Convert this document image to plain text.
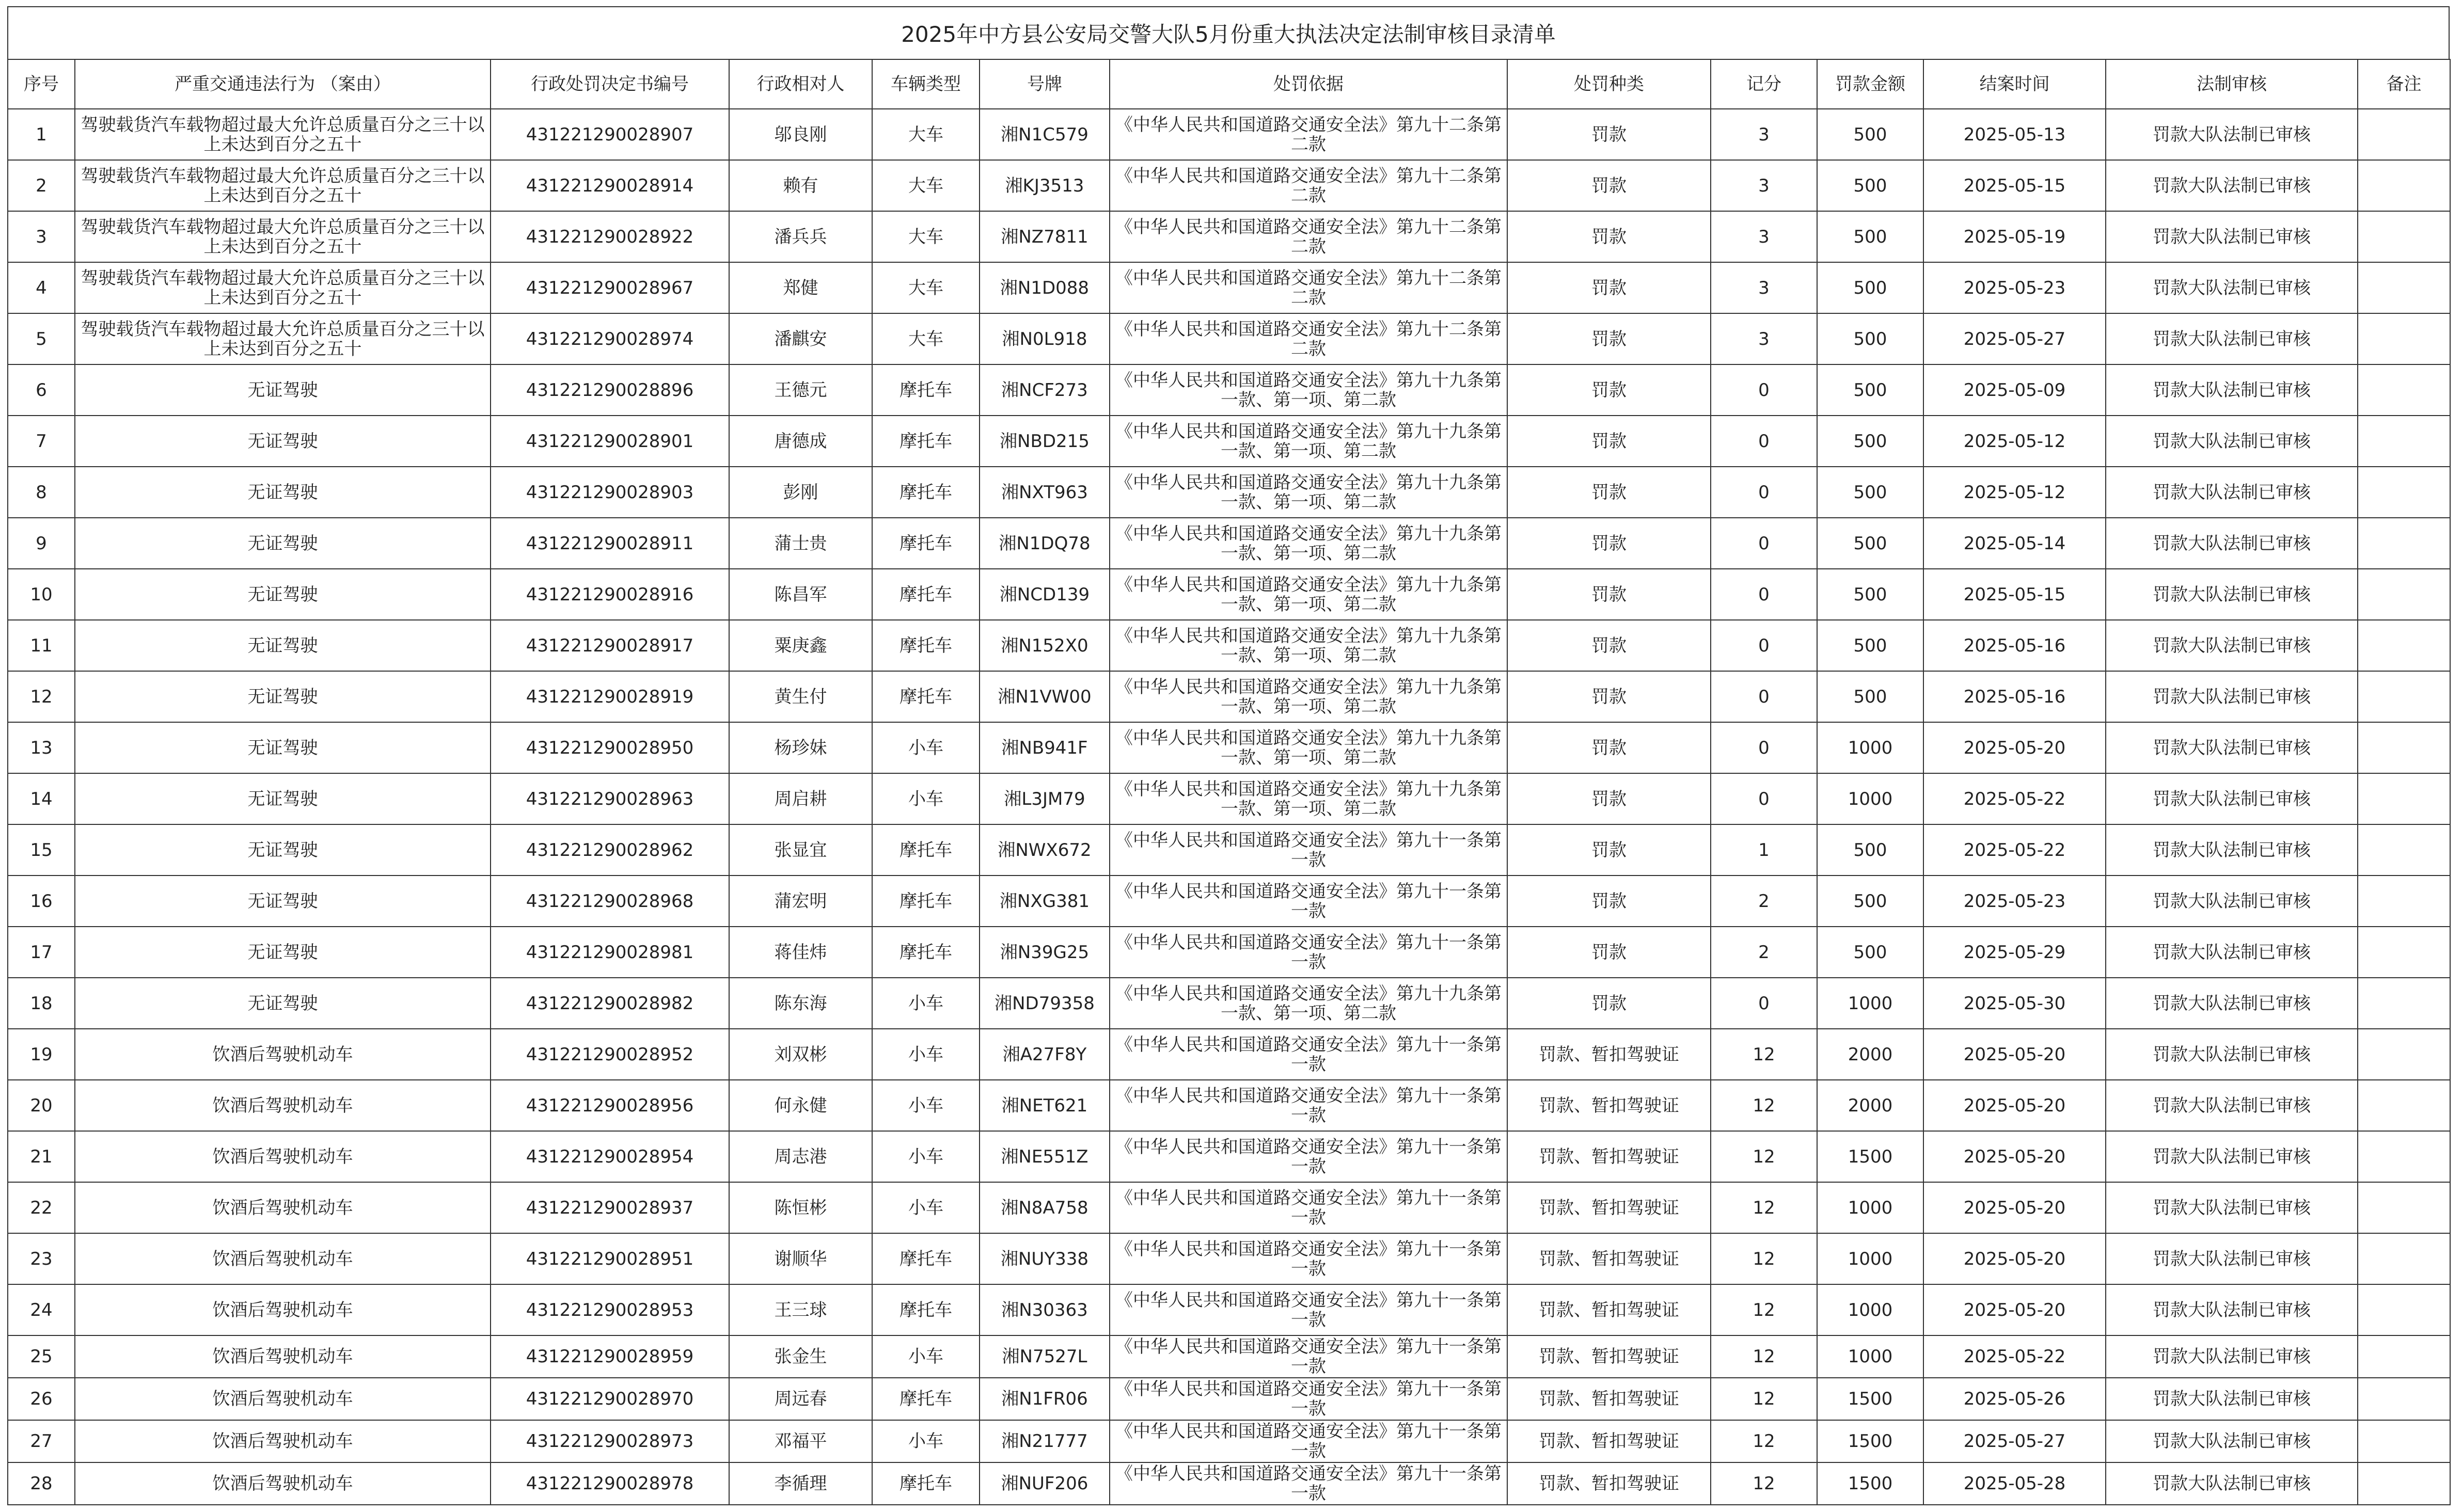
2025年中方县公安局交警大队5月份重大执法决定法制审核目录清单
序号	严重交通违法行为 （案由）	行政处罚决定书编号	行政相对人	车辆类型	号牌	处罚依据	处罚种类	记分	罚款金额	结案时间	法制审核	备注
1	驾驶载货汽车载物超过最大允许总质量百分之三十以上未达到百分之五十	431221290028907	邬良刚	大车	湘N1C579	《中华人民共和国道路交通安全法》第九十二条第二款	罚款	3	500	2025-05-13	罚款大队法制已审核	
2	驾驶载货汽车载物超过最大允许总质量百分之三十以上未达到百分之五十	431221290028914	赖有	大车	湘KJ3513	《中华人民共和国道路交通安全法》第九十二条第二款	罚款	3	500	2025-05-15	罚款大队法制已审核	
3	驾驶载货汽车载物超过最大允许总质量百分之三十以上未达到百分之五十	431221290028922	潘兵兵	大车	湘NZ7811	《中华人民共和国道路交通安全法》第九十二条第二款	罚款	3	500	2025-05-19	罚款大队法制已审核	
4	驾驶载货汽车载物超过最大允许总质量百分之三十以上未达到百分之五十	431221290028967	郑健	大车	湘N1D088	《中华人民共和国道路交通安全法》第九十二条第二款	罚款	3	500	2025-05-23	罚款大队法制已审核	
5	驾驶载货汽车载物超过最大允许总质量百分之三十以上未达到百分之五十	431221290028974	潘麒安	大车	湘N0L918	《中华人民共和国道路交通安全法》第九十二条第二款	罚款	3	500	2025-05-27	罚款大队法制已审核	
6	无证驾驶	431221290028896	王德元	摩托车	湘NCF273	《中华人民共和国道路交通安全法》第九十九条第一款、第一项、第二款	罚款	0	500	2025-05-09	罚款大队法制已审核	
7	无证驾驶	431221290028901	唐德成	摩托车	湘NBD215	《中华人民共和国道路交通安全法》第九十九条第一款、第一项、第二款	罚款	0	500	2025-05-12	罚款大队法制已审核	
8	无证驾驶	431221290028903	彭刚	摩托车	湘NXT963	《中华人民共和国道路交通安全法》第九十九条第一款、第一项、第二款	罚款	0	500	2025-05-12	罚款大队法制已审核	
9	无证驾驶	431221290028911	蒲士贵	摩托车	湘N1DQ78	《中华人民共和国道路交通安全法》第九十九条第一款、第一项、第二款	罚款	0	500	2025-05-14	罚款大队法制已审核	
10	无证驾驶	431221290028916	陈昌军	摩托车	湘NCD139	《中华人民共和国道路交通安全法》第九十九条第一款、第一项、第二款	罚款	0	500	2025-05-15	罚款大队法制已审核	
11	无证驾驶	431221290028917	粟庚鑫	摩托车	湘N152X0	《中华人民共和国道路交通安全法》第九十九条第一款、第一项、第二款	罚款	0	500	2025-05-16	罚款大队法制已审核	
12	无证驾驶	431221290028919	黄生付	摩托车	湘N1VW00	《中华人民共和国道路交通安全法》第九十九条第一款、第一项、第二款	罚款	0	500	2025-05-16	罚款大队法制已审核	
13	无证驾驶	431221290028950	杨珍妹	小车	湘NB941F	《中华人民共和国道路交通安全法》第九十九条第一款、第一项、第二款	罚款	0	1000	2025-05-20	罚款大队法制已审核	
14	无证驾驶	431221290028963	周启耕	小车	湘L3JM79	《中华人民共和国道路交通安全法》第九十九条第一款、第一项、第二款	罚款	0	1000	2025-05-22	罚款大队法制已审核	
15	无证驾驶	431221290028962	张显宜	摩托车	湘NWX672	《中华人民共和国道路交通安全法》第九十一条第一款	罚款	1	500	2025-05-22	罚款大队法制已审核	
16	无证驾驶	431221290028968	蒲宏明	摩托车	湘NXG381	《中华人民共和国道路交通安全法》第九十一条第一款	罚款	2	500	2025-05-23	罚款大队法制已审核	
17	无证驾驶	431221290028981	蒋佳炜	摩托车	湘N39G25	《中华人民共和国道路交通安全法》第九十一条第一款	罚款	2	500	2025-05-29	罚款大队法制已审核	
18	无证驾驶	431221290028982	陈东海	小车	湘ND79358	《中华人民共和国道路交通安全法》第九十九条第一款、第一项、第二款	罚款	0	1000	2025-05-30	罚款大队法制已审核	
19	饮酒后驾驶机动车	431221290028952	刘双彬	小车	湘A27F8Y	《中华人民共和国道路交通安全法》第九十一条第一款	罚款、暂扣驾驶证	12	2000	2025-05-20	罚款大队法制已审核	
20	饮酒后驾驶机动车	431221290028956	何永健	小车	湘NET621	《中华人民共和国道路交通安全法》第九十一条第一款	罚款、暂扣驾驶证	12	2000	2025-05-20	罚款大队法制已审核	
21	饮酒后驾驶机动车	431221290028954	周志港	小车	湘NE551Z	《中华人民共和国道路交通安全法》第九十一条第一款	罚款、暂扣驾驶证	12	1500	2025-05-20	罚款大队法制已审核	
22	饮酒后驾驶机动车	431221290028937	陈恒彬	小车	湘N8A758	《中华人民共和国道路交通安全法》第九十一条第一款	罚款、暂扣驾驶证	12	1000	2025-05-20	罚款大队法制已审核	
23	饮酒后驾驶机动车	431221290028951	谢顺华	摩托车	湘NUY338	《中华人民共和国道路交通安全法》第九十一条第一款	罚款、暂扣驾驶证	12	1000	2025-05-20	罚款大队法制已审核	
24	饮酒后驾驶机动车	431221290028953	王三球	摩托车	湘N30363	《中华人民共和国道路交通安全法》第九十一条第一款	罚款、暂扣驾驶证	12	1000	2025-05-20	罚款大队法制已审核	
25	饮酒后驾驶机动车	431221290028959	张金生	小车	湘N7527L	《中华人民共和国道路交通安全法》第九十一条第一款	罚款、暂扣驾驶证	12	1000	2025-05-22	罚款大队法制已审核	
26	饮酒后驾驶机动车	431221290028970	周远春	摩托车	湘N1FR06	《中华人民共和国道路交通安全法》第九十一条第一款	罚款、暂扣驾驶证	12	1500	2025-05-26	罚款大队法制已审核	
27	饮酒后驾驶机动车	431221290028973	邓福平	小车	湘N21777	《中华人民共和国道路交通安全法》第九十一条第一款	罚款、暂扣驾驶证	12	1500	2025-05-27	罚款大队法制已审核	
28	饮酒后驾驶机动车	431221290028978	李循理	摩托车	湘NUF206	《中华人民共和国道路交通安全法》第九十一条第一款	罚款、暂扣驾驶证	12	1500	2025-05-28	罚款大队法制已审核	
